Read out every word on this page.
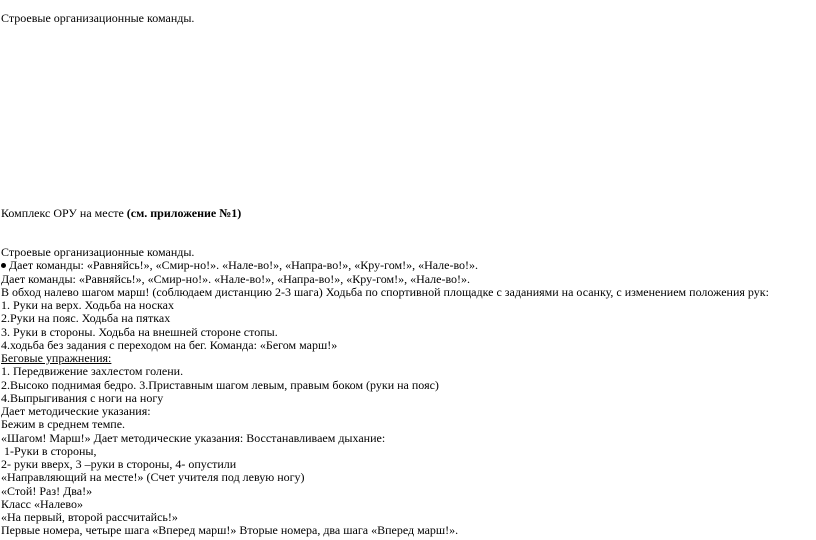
Строевые организационные команды.
Комплекс ОРУ на месте (см. приложение №1)
Строевые организационные команды.
Дает команды: «Равняйсь!», «Смир-но!». «Нале-во!», «Напра-во!», «Кру-гом!», «Нале-во!».
Дает команды: «Равняйсь!», «Смир-но!». «Нале-во!», «Напра-во!», «Кру-гом!», «Нале-во!».
В обход налево шагом марш! (соблюдаем дистанцию 2-3 шага) Ходьба по спортивной площадке с заданиями на осанку, с изменением положения рук:
1. Руки на верх. Ходьба на носках
2.Руки на пояс. Ходьба на пятках
3. Руки в стороны. Ходьба на внешней стороне стопы.
4.ходьба без задания с переходом на бег. Команда: «Бегом марш!»
Беговые упражнения:
1. Передвижение захлестом голени.
2.Высоко поднимая бедро. 3.Приставным шагом левым, правым боком (руки на пояс)
4.Выпрыгивания с ноги на ногу
Дает методические указания:
Бежим в среднем темпе.
«Шагом! Марш!» Дает методические указания: Восстанавливаем дыхание:
1-Руки в стороны,
2- руки вверх, 3 –руки в стороны, 4- опустили
«Направляющий на месте!» (Счет учителя под левую ногу)
«Стой! Раз! Два!»
Класс «Налево»
«На первый, второй рассчитайсь!»
Первые номера, четыре шага «Вперед марш!» Вторые номера, два шага «Вперед марш!».
